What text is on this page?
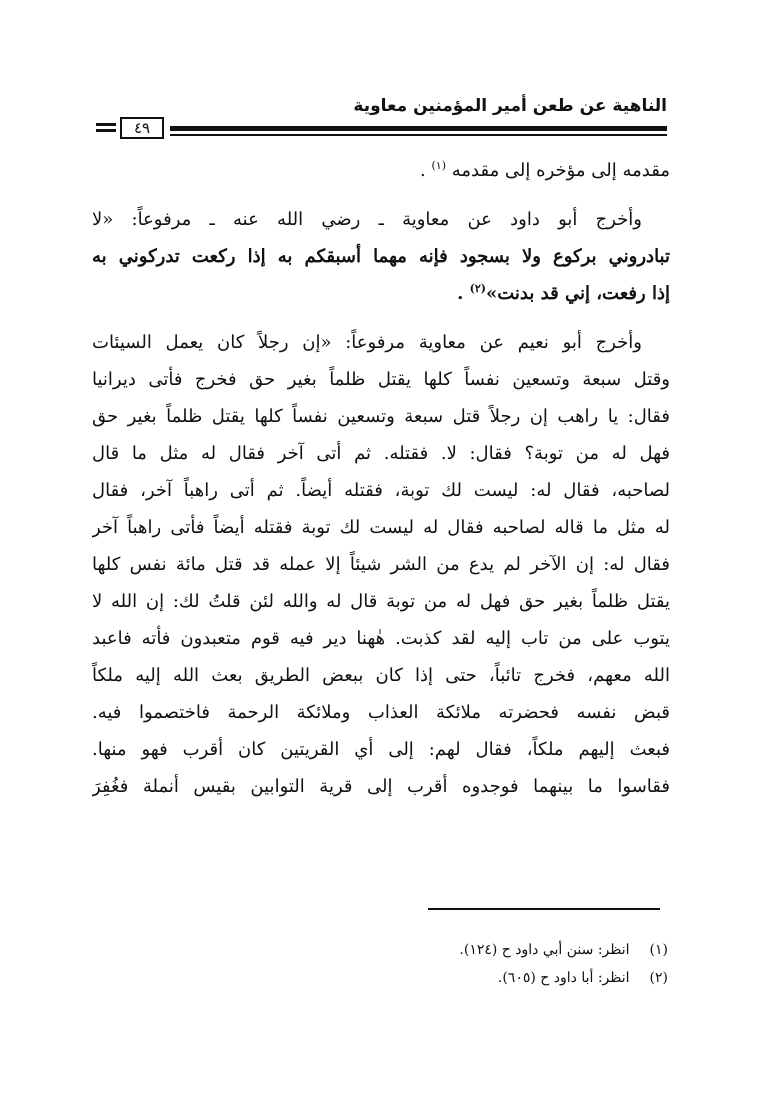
الناهية عن طعن أمير المؤمنين معاوية
٤٩
مقدمه إلى مؤخره إلى مقدمه $^{(١)}$ .
وأخرج أبو داود عن معاوية ـ رضي الله عنه ـ مرفوعاً: «لا
تبادروني بركوع ولا بسجود فإنه مهما أسبقكم به إذا ركعت تدركوني به
إذا رفعت، إني قد بدنت»$^{(٢)}$ .
وأخرج أبو نعيم عن معاوية مرفوعاً: «إن رجلاً كان يعمل السيئات
وقتل سبعة وتسعين نفساً كلها يقتل ظلماً بغير حق فخرج فأتى ديرانيا
فقال: يا راهب إن رجلاً قتل سبعة وتسعين نفساً كلها يقتل ظلماً بغير حق
فهل له من توبة؟ فقال: لا. فقتله. ثم أتى آخر فقال له مثل ما قال
لصاحبه، فقال له: ليست لك توبة، فقتله أيضاً. ثم أتى راهباً آخر، فقال
له مثل ما قاله لصاحبه فقال له ليست لك توبة فقتله أيضاً فأتى راهباً آخر
فقال له: إن الآخر لم يدع من الشر شيئاً إلا عمله قد قتل مائة نفس كلها
يقتل ظلماً بغير حق فهل له من توبة قال له والله لئن قلتُ لك: إن الله لا
يتوب على من تاب إليه لقد كذبت. هٰهنا دير فيه قوم متعبدون فأته فاعبد
الله معهم، فخرج تائباً، حتى إذا كان ببعض الطريق بعث الله إليه ملكاً
قبض نفسه فحضرته ملائكة العذاب وملائكة الرحمة فاختصموا فيه.
فبعث إليهم ملكاً، فقال لهم: إلى أي القريتين كان أقرب فهو منها.
فقاسوا ما بينهما فوجدوه أقرب إلى قرية التوابين بقيس أنملة فغُفِرَ
(١) انظر: سنن أبي داود ح (١٢٤).
(٢) انظر: أبا داود ح (٦٠٥).
